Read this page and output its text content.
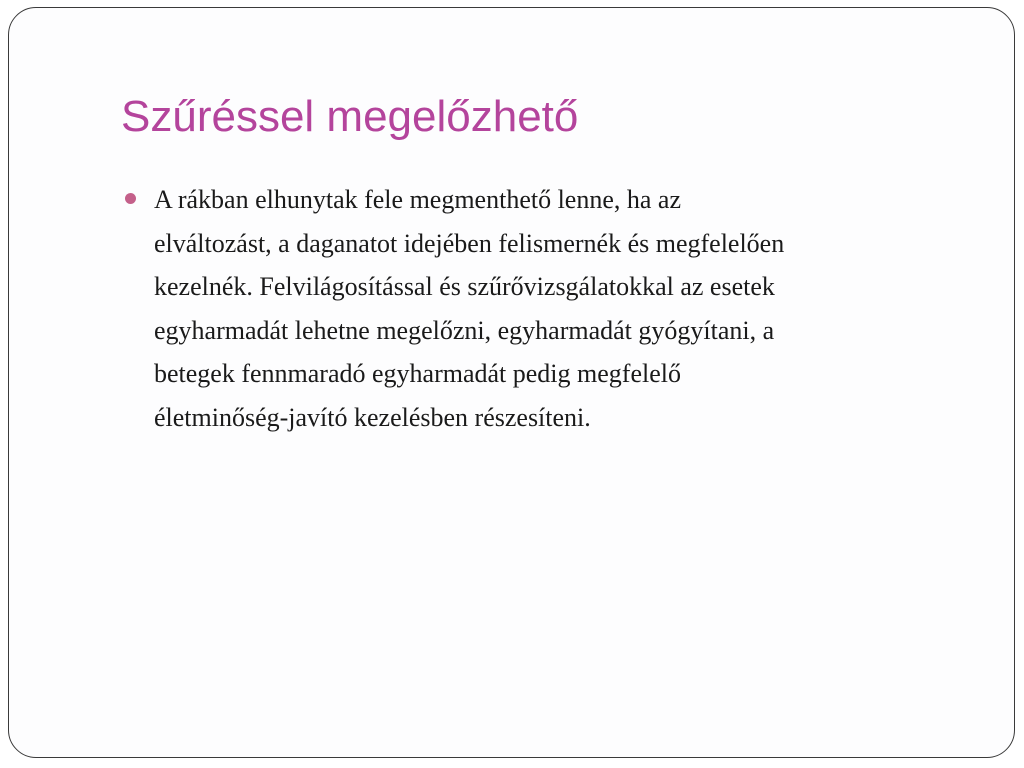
Szűréssel megelőzhető
A rákban elhunytak fele megmenthető lenne, ha az
elváltozást, a daganatot idejében felismernék és megfelelően
kezelnék. Felvilágosítással és szűrővizsgálatokkal az esetek
egyharmadát lehetne megelőzni, egyharmadát gyógyítani, a
betegek fennmaradó egyharmadát pedig megfelelő
életminőség-javító kezelésben részesíteni.
